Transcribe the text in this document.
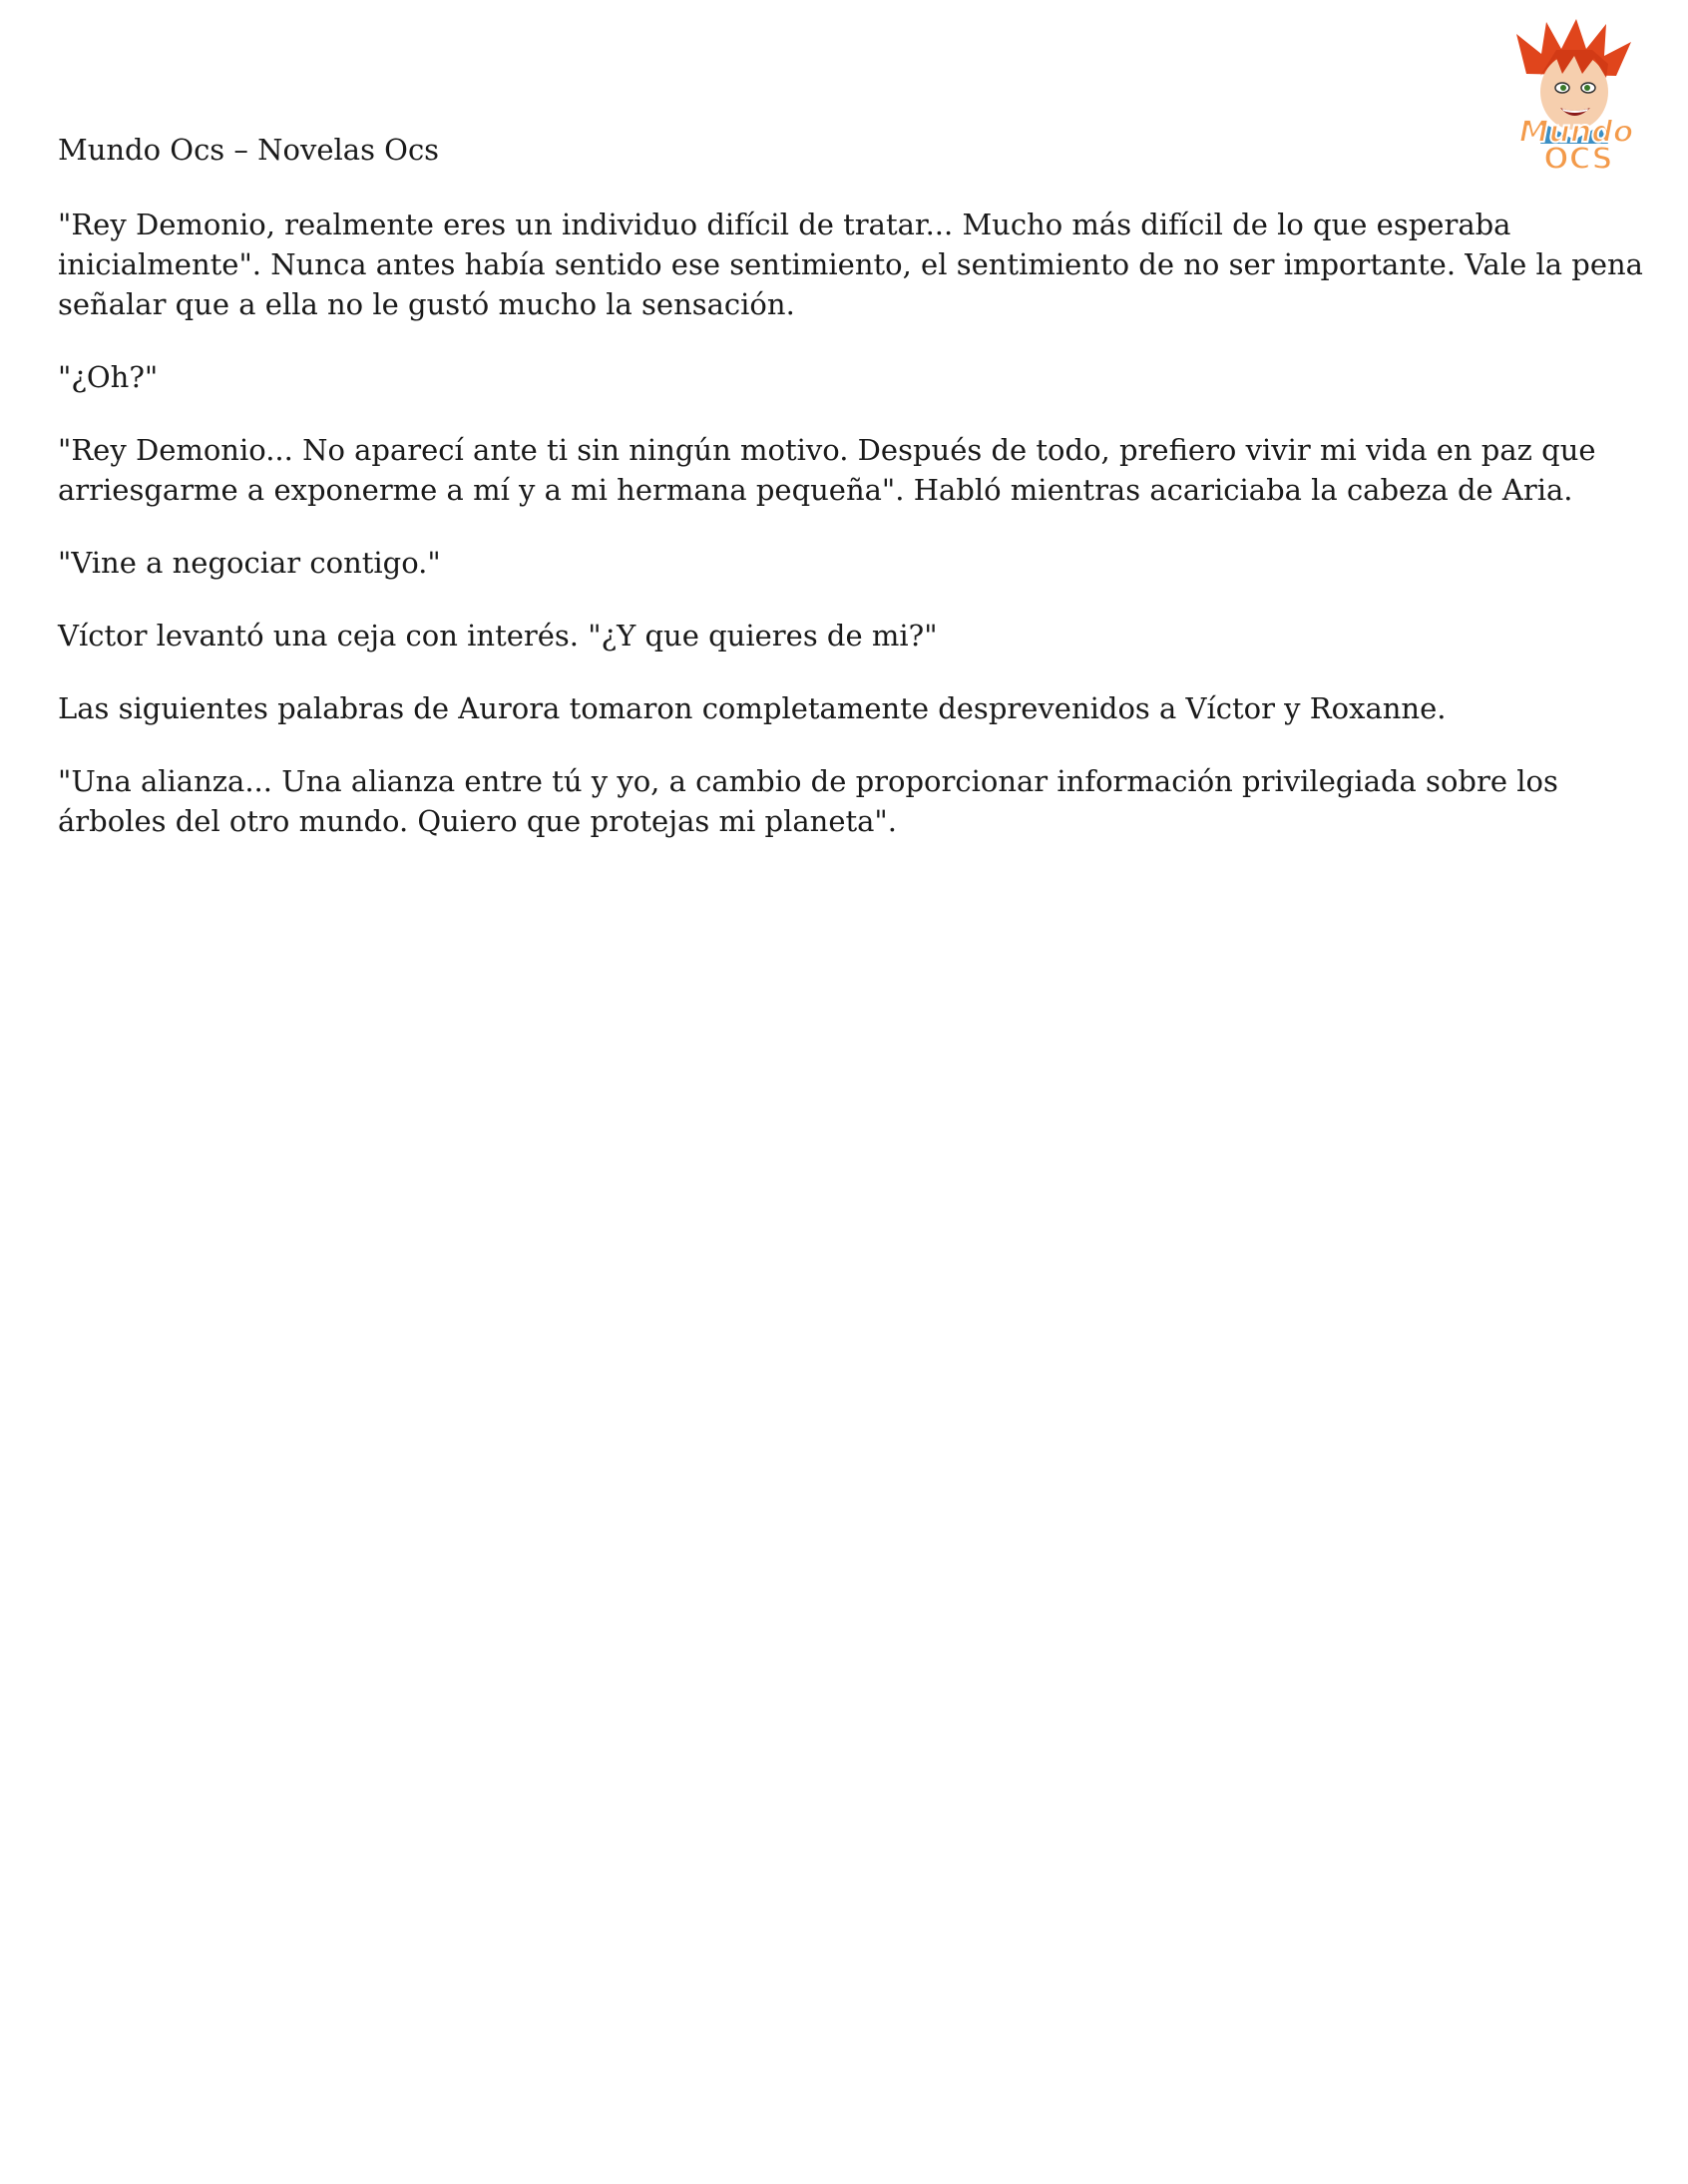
Mundo Ocs – Novelas Ocs	Mundo
OCS

"Rey Demonio, realmente eres un individuo difícil de tratar... Mucho más difícil de lo que esperaba inicialmente". Nunca antes había sentido ese sentimiento, el sentimiento de no ser importante. Vale la pena señalar que a ella no le gustó mucho la sensación.

"¿Oh?"

"Rey Demonio... No aparecí ante ti sin ningún motivo. Después de todo, prefiero vivir mi vida en paz que arriesgarme a exponerme a mí y a mi hermana pequeña". Habló mientras acariciaba la cabeza de Aria.

"Vine a negociar contigo."

Víctor levantó una ceja con interés. "¿Y que quieres de mi?"

Las siguientes palabras de Aurora tomaron completamente desprevenidos a Víctor y Roxanne.

"Una alianza... Una alianza entre tú y yo, a cambio de proporcionar información privilegiada sobre los árboles del otro mundo. Quiero que protejas mi planeta".
